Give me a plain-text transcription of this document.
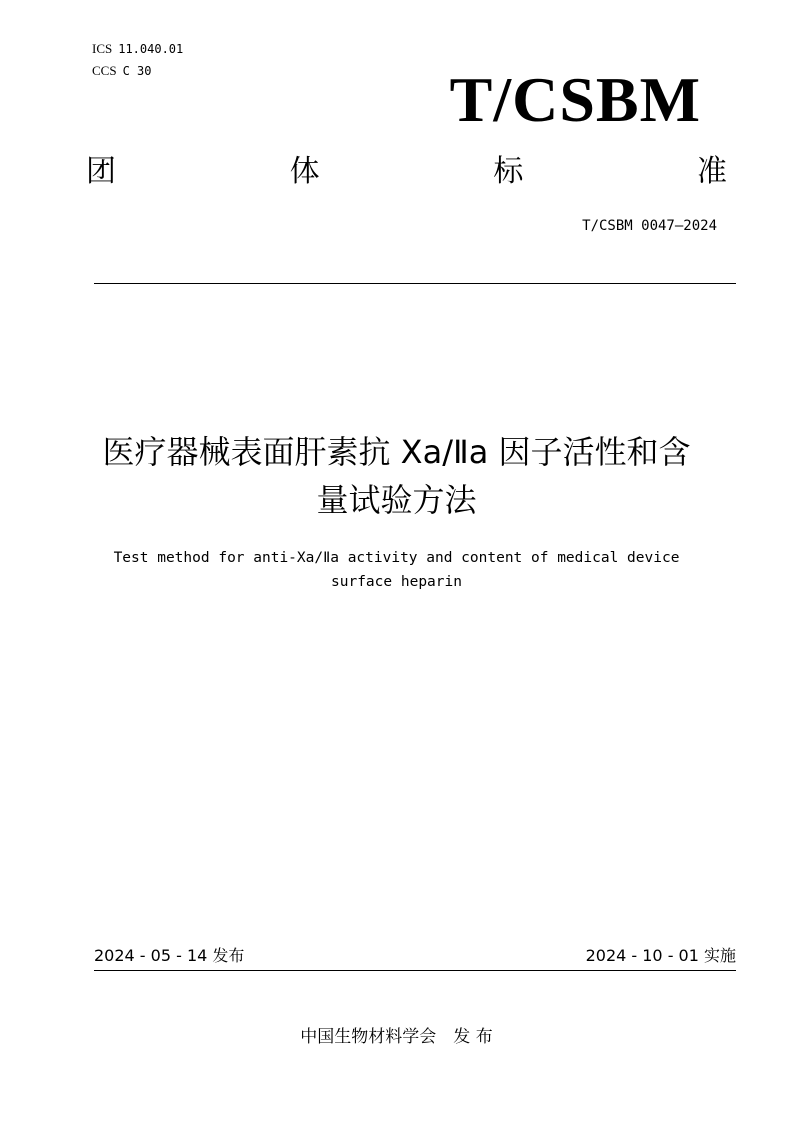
ICS 11.040.01
CCS C 30	T/CSBM
团	体	标	准
T/CSBM 0047—2024
医疗器械表面肝素抗 Xa/Ⅱa 因子活性和含
量试验方法
Test method for anti-Xa/Ⅱa activity and content of medical device
surface heparin
2024 - 05 - 14 发布	2024 - 10 - 01 实施
中国生物材料学会　发 布
